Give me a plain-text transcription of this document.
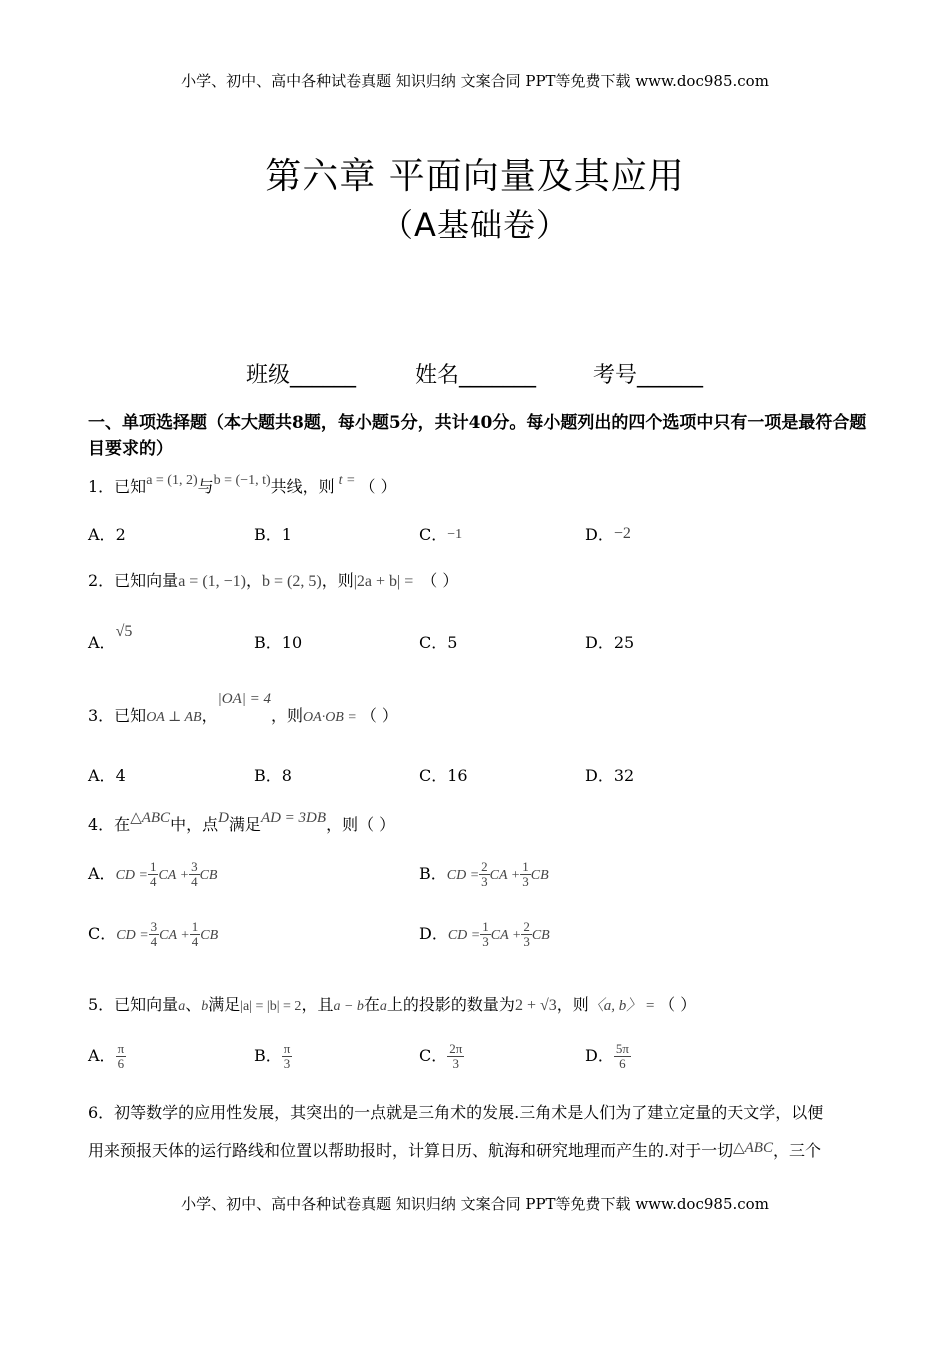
小学、初中、高中各种试卷真题 知识归纳 文案合同 PPT等免费下载 www.doc985.com
第六章 平面向量及其应用
（A基础卷）
班级______	姓名_______	考号______
一、单项选择题（本大题共8题，每小题5分，共计40分。每小题列出的四个选项中只有一项是最符合题目要求的）
1．已知a = (1, 2)与b = (−1, t)共线，则 t = （ ）
A．2	B．1	C．−1	D．−2
2．已知向量a = (1, −1)，b = (2, 5)，则|2a + b| = （ ）
A．√5
B．10	C．5	D．25
3．已知OA ⊥ AB，|OA| = 4，则OA·OB = （ ）
A．4	B．8	C．16	D．32
4．在△ABC中，点D满足AD = 3DB，则（ ）
A．CD = $\frac{1}{4}$ CA + $\frac{3}{4}$ CB	B．CD = $\frac{2}{3}$ CA + $\frac{1}{3}$ CB
C．CD = $\frac{3}{4}$ CA + $\frac{1}{4}$ CB	D．CD = $\frac{1}{3}$ CA + $\frac{2}{3}$ CB
5．已知向量a、b满足|a| = |b| = 2，且a − b在a上的投影的数量为2 + √3，则〈a, b〉 = （ ）
A． $\frac{\pi}{6}$	B． $\frac{\pi}{3}$	C． $\frac{2\pi}{3}$	D． $\frac{5\pi}{6}$
6．初等数学的应用性发展，其突出的一点就是三角术的发展.三角术是人们为了建立定量的天文学，以便
用来预报天体的运行路线和位置以帮助报时，计算日历、航海和研究地理而产生的.对于一切△ABC，三个
小学、初中、高中各种试卷真题 知识归纳 文案合同 PPT等免费下载 www.doc985.com
